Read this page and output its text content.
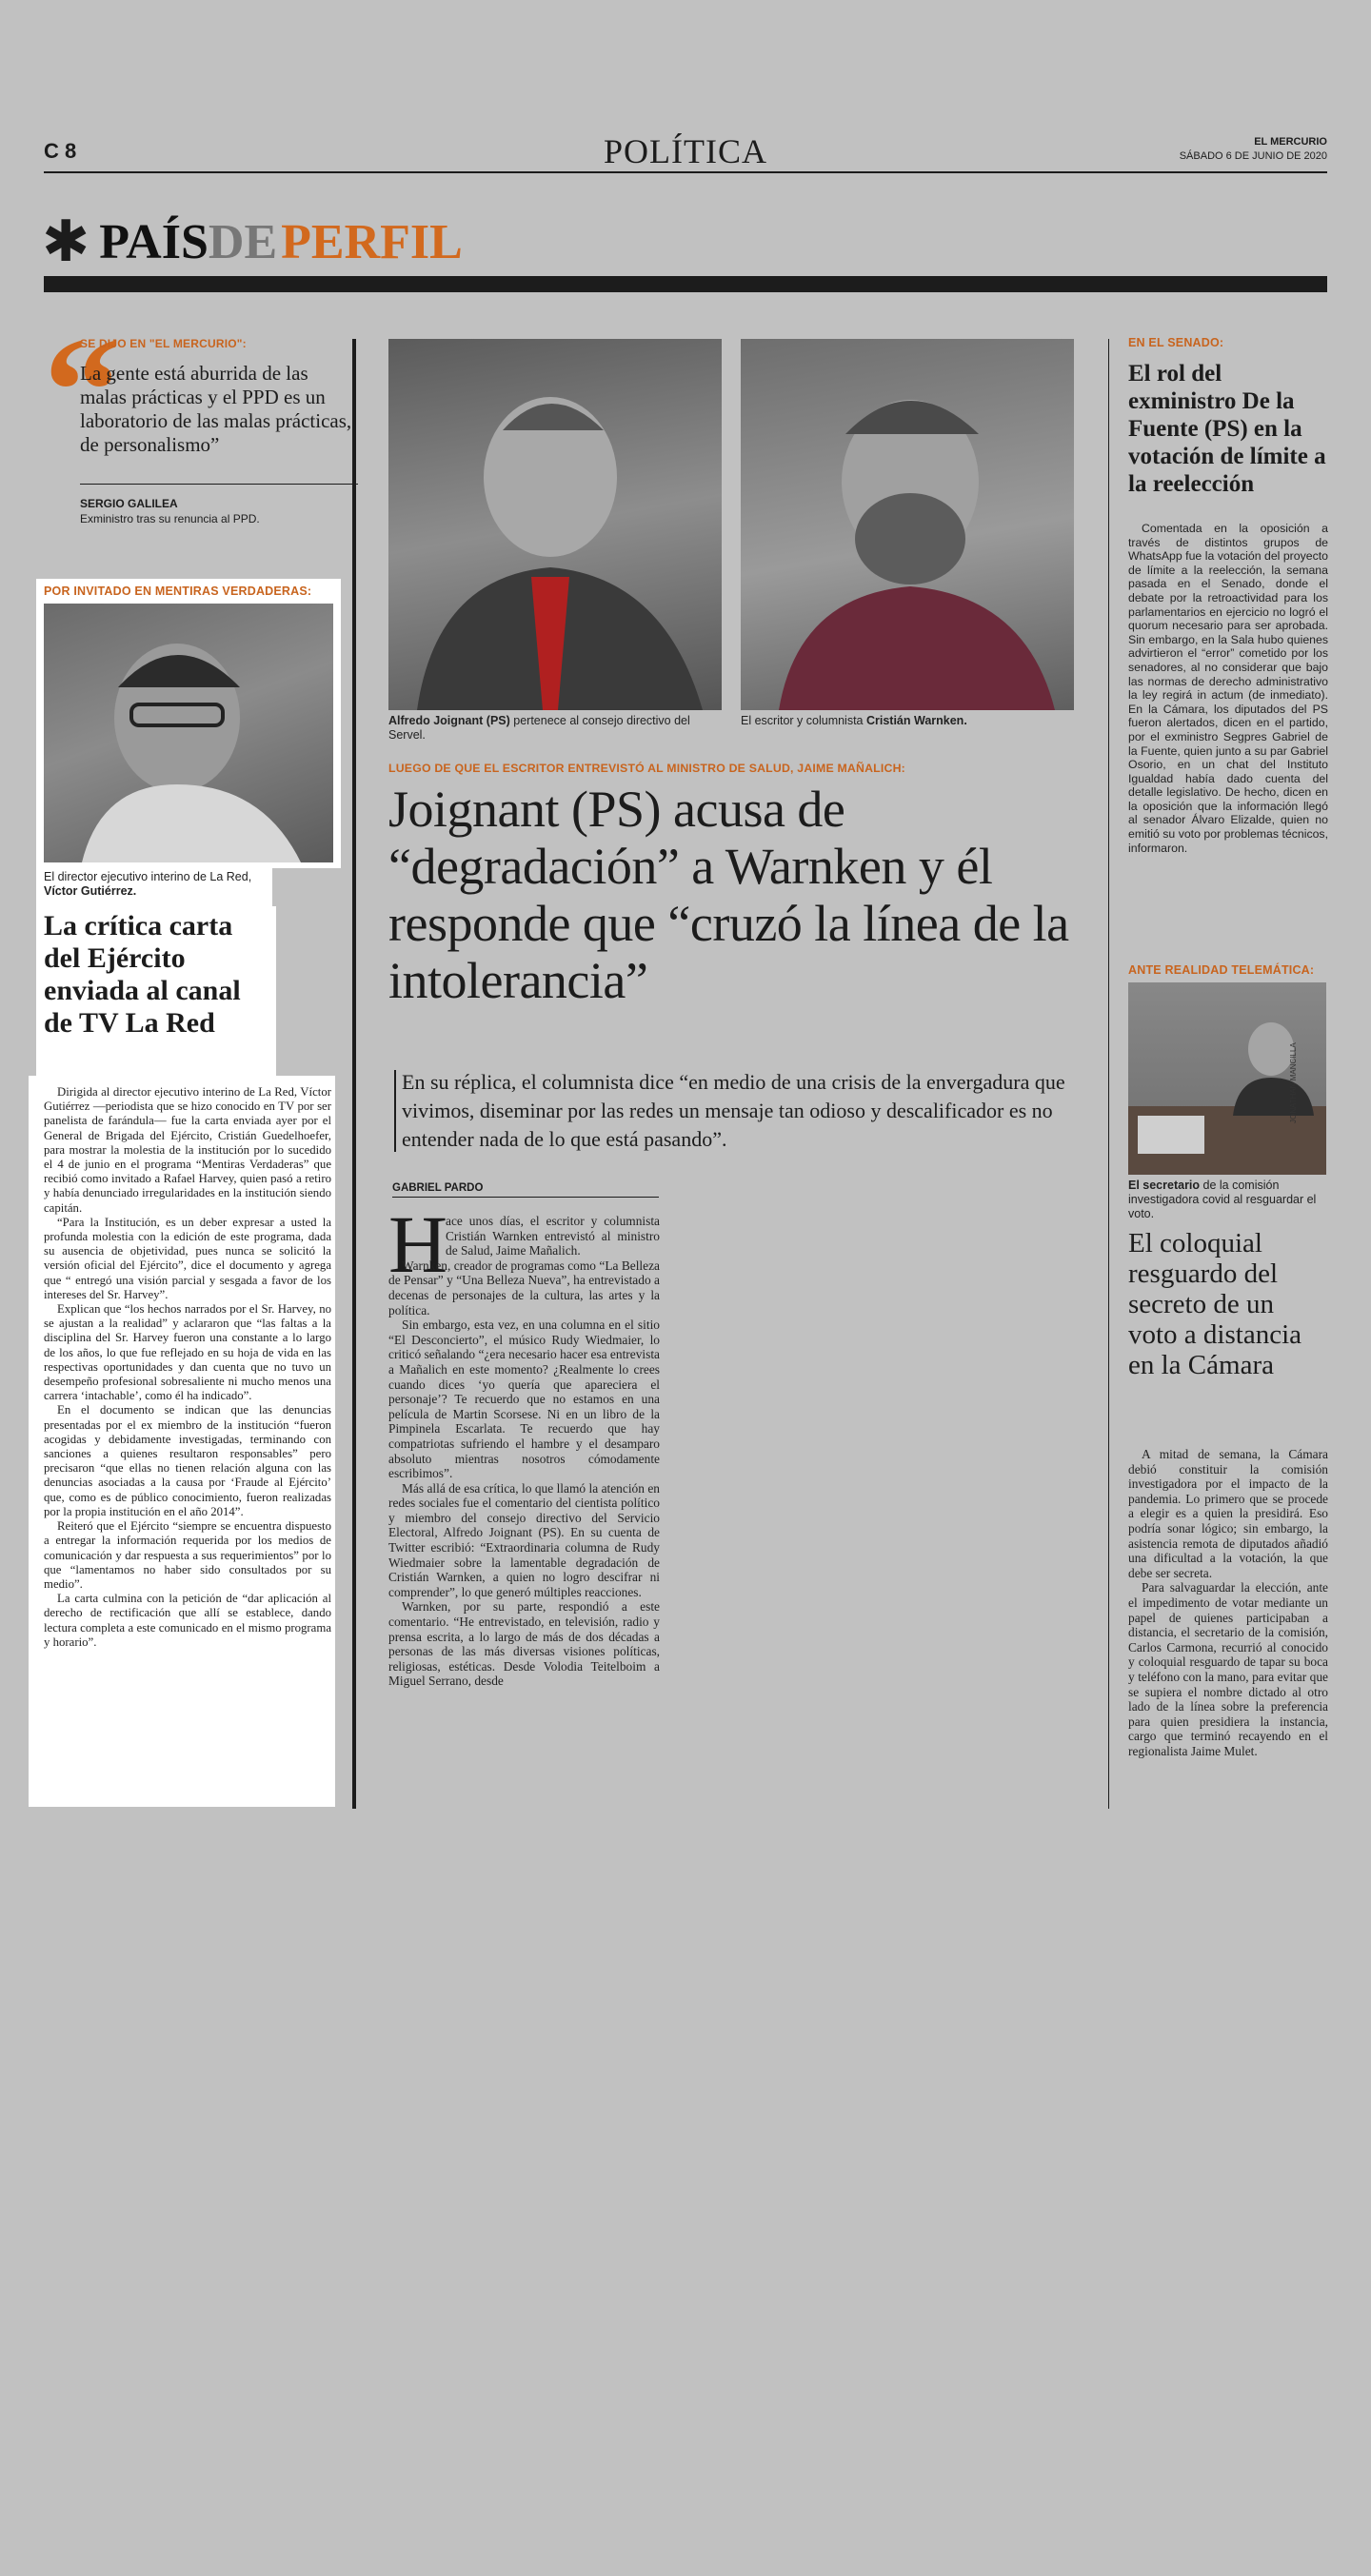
C 8	POLÍTICA	EL MERCURIO
SÁBADO 6 DE JUNIO DE 2020
✱ PAÍSDEPERFIL
“
SE DIJO EN "EL MERCURIO":
La gente está aburrida de las malas prácticas y el PPD es un laboratorio de las malas prácticas, de personalismo”
SERGIO GALILEA
Exministro tras su renuncia al PPD.
POR INVITADO EN MENTIRAS VERDADERAS:
El director ejecutivo interino de La Red, Víctor Gutiérrez.
La crítica carta del Ejército enviada al canal de TV La Red

Dirigida al director ejecutivo interino de La Red, Víctor Gutiérrez —periodista que se hizo conocido en TV por ser panelista de farándula— fue la carta enviada ayer por el General de Brigada del Ejército, Cristián Guedelhoefer, para mostrar la molestia de la institución por lo sucedido el 4 de junio en el programa “Mentiras Verdaderas” que recibió como invitado a Rafael Harvey, quien pasó a retiro y había denunciado irregularidades en la institución siendo capitán.

“Para la Institución, es un deber expresar a usted la profunda molestia con la edición de este programa, dada su ausencia de objetividad, pues nunca se solicitó la versión oficial del Ejército”, dice el documento y agrega que “ entregó una visión parcial y sesgada a favor de los intereses del Sr. Harvey”.

Explican que “los hechos narrados por el Sr. Harvey, no se ajustan a la realidad” y aclararon que “las faltas a la disciplina del Sr. Harvey fueron una constante a lo largo de los años, lo que fue reflejado en su hoja de vida en las respectivas oportunidades y dan cuenta que no tuvo un desempeño profesional sobresaliente ni mucho menos una carrera ‘intachable’, como él ha indicado”.

En el documento se indican que las denuncias presentadas por el ex miembro de la institución “fueron acogidas y debidamente investigadas, terminando con sanciones a quienes resultaron responsables” pero precisaron “que ellas no tienen relación alguna con las denuncias asociadas a la causa por ‘Fraude al Ejército’ que, como es de público conocimiento, fueron realizadas por la propia institución en el año 2014”.

Reiteró que el Ejército “siempre se encuentra dispuesto a entregar la información requerida por los medios de comunicación y dar respuesta a sus requerimientos” por lo que “lamentamos no haber sido consultados por su medio”.

La carta culmina con la petición de “dar aplicación al derecho de rectificación que allí se establece, dando lectura completa a este comunicado en el mismo programa y horario”.

Alfredo Joignant (PS) pertenece al consejo directivo del Servel.
El escritor y columnista Cristián Warnken.
LUEGO DE QUE EL ESCRITOR ENTREVISTÓ AL MINISTRO DE SALUD, JAIME MAÑALICH:
Joignant (PS) acusa de “degradación” a Warnken y él responde que “cruzó la línea de la intolerancia”
En su réplica, el columnista dice “en medio de una crisis de la envergadura que vivimos, diseminar por las redes un mensaje tan odioso y descalificador es no entender nada de lo que está pasando”.
GABRIEL PARDO
H

ace unos días, el escritor y columnista Cristián Warnken entrevistó al ministro de Salud, Jaime Mañalich.

Warnken, creador de programas como “La Belleza de Pensar” y “Una Belleza Nueva”, ha entrevistado a decenas de personajes de la cultura, las artes y la política.

Sin embargo, esta vez, en una columna en el sitio “El Desconcierto”, el músico Rudy Wiedmaier, lo criticó señalando “¿era necesario hacer esa entrevista a Mañalich en este momento? ¿Realmente lo crees cuando dices ‘yo quería que apareciera el personaje’? Te recuerdo que no estamos en una película de Martin Scorsese. Ni en un libro de la Pimpinela Escarlata. Te recuerdo que hay compatriotas sufriendo el hambre y el desamparo absoluto mientras nosotros cómodamente escribimos”.

Más allá de esa crítica, lo que llamó la atención en redes sociales fue el comentario del cientista político y miembro del consejo directivo del Servicio Electoral, Alfredo Joignant (PS). En su cuenta de Twitter escribió: “Extraordinaria columna de Rudy Wiedmaier sobre la lamentable degradación de Cristián Warnken, a quien no logro descifrar ni comprender”, lo que generó múltiples reacciones.

Warnken, por su parte, respondió a este comentario. “He entrevistado, en televisión, radio y prensa escrita, a lo largo de más de dos décadas a personas de las más diversas visiones políticas, religiosas, estéticas. Desde Volodia Teitelboim a Miguel Serrano, desde

EN EL SENADO:
El rol del exministro De la Fuente (PS) en la votación de límite a la reelección

Comentada en la oposición a través de distintos grupos de WhatsApp fue la votación del proyecto de límite a la reelección, la semana pasada en el Senado, donde el debate por la retroactividad para los parlamentarios en ejercicio no logró el quorum necesario para ser aprobada. Sin embargo, en la Sala hubo quienes advirtieron el “error” cometido por los senadores, al no considerar que bajo las normas de derecho administrativo la ley regirá in actum (de inmediato). En la Cámara, los diputados del PS fueron alertados, dicen en el partido, por el exministro Segpres Gabriel de la Fuente, quien junto a su par Gabriel Osorio, en un chat del Instituto Igualdad había dado cuenta del detalle legislativo. De hecho, dicen en la oposición que la información llegó al senador Álvaro Elizalde, quien no emitió su voto por problemas técnicos, informaron.

ANTE REALIDAD TELEMÁTICA:
JONATHAN MANCILLA
El secretario de la comisión investigadora covid al resguardar el voto.
El coloquial resguardo del secreto de un voto a distancia en la Cámara

A mitad de semana, la Cámara debió constituir la comisión investigadora por el impacto de la pandemia. Lo primero que se procede a elegir es a quien la presidirá. Eso podría sonar lógico; sin embargo, la asistencia remota de diputados añadió una dificultad a la votación, la que debe ser secreta.

Para salvaguardar la elección, ante el impedimento de votar mediante un papel de quienes participaban a distancia, el secretario de la comisión, Carlos Carmona, recurrió al conocido y coloquial resguardo de tapar su boca y teléfono con la mano, para evitar que se supiera el nombre dictado al otro lado de la línea sobre la preferencia para quien presidiera la instancia, cargo que terminó recayendo en el regionalista Jaime Mulet.
